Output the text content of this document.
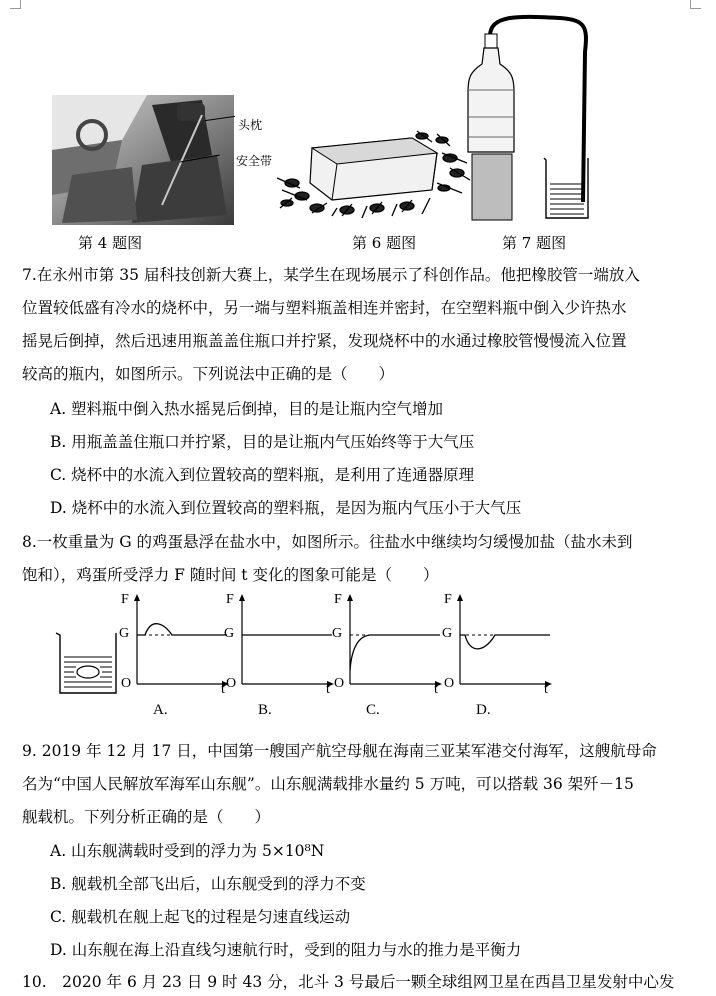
头枕
安全带
第 4 题图	第 6 题图	第 7 题图
7.在永州市第 35 届科技创新大赛上，某学生在现场展示了科创作品。他把橡胶管一端放入
位置较低盛有冷水的烧杯中，另一端与塑料瓶盖相连并密封，在空塑料瓶中倒入少许热水
摇晃后倒掉，然后迅速用瓶盖盖住瓶口并拧紧，发现烧杯中的水通过橡胶管慢慢流入位置
较高的瓶内，如图所示。下列说法中正确的是（　　）
A. 塑料瓶中倒入热水摇晃后倒掉，目的是让瓶内空气增加
B. 用瓶盖盖住瓶口并拧紧，目的是让瓶内气压始终等于大气压
C. 烧杯中的水流入到位置较高的塑料瓶，是利用了连通器原理
D. 烧杯中的水流入到位置较高的塑料瓶，是因为瓶内气压小于大气压
8.一枚重量为 G 的鸡蛋悬浮在盐水中，如图所示。往盐水中继续均匀缓慢加盐（盐水未到
饱和），鸡蛋所受浮力 F 随时间 t 变化的图象可能是（　　）
F
G
O	t
A.
F
G
O	t
B.
F
G
O	t
C.
F
G
O	t
D.
9. 2019 年 12 月 17 日，中国第一艘国产航空母舰在海南三亚某军港交付海军，这艘航母命
名为“中国人民解放军海军山东舰”。山东舰满载排水量约 5 万吨，可以搭载 36 架歼－15
舰载机。下列分析正确的是（　　）
A. 山东舰满载时受到的浮力为 5×10⁸N
B. 舰载机全部飞出后，山东舰受到的浮力不变
C. 舰载机在舰上起飞的过程是匀速直线运动
D. 山东舰在海上沿直线匀速航行时，受到的阻力与水的推力是平衡力
10.　2020 年 6 月 23 日 9 时 43 分，北斗 3 号最后一颗全球组网卫星在西昌卫星发射中心发
